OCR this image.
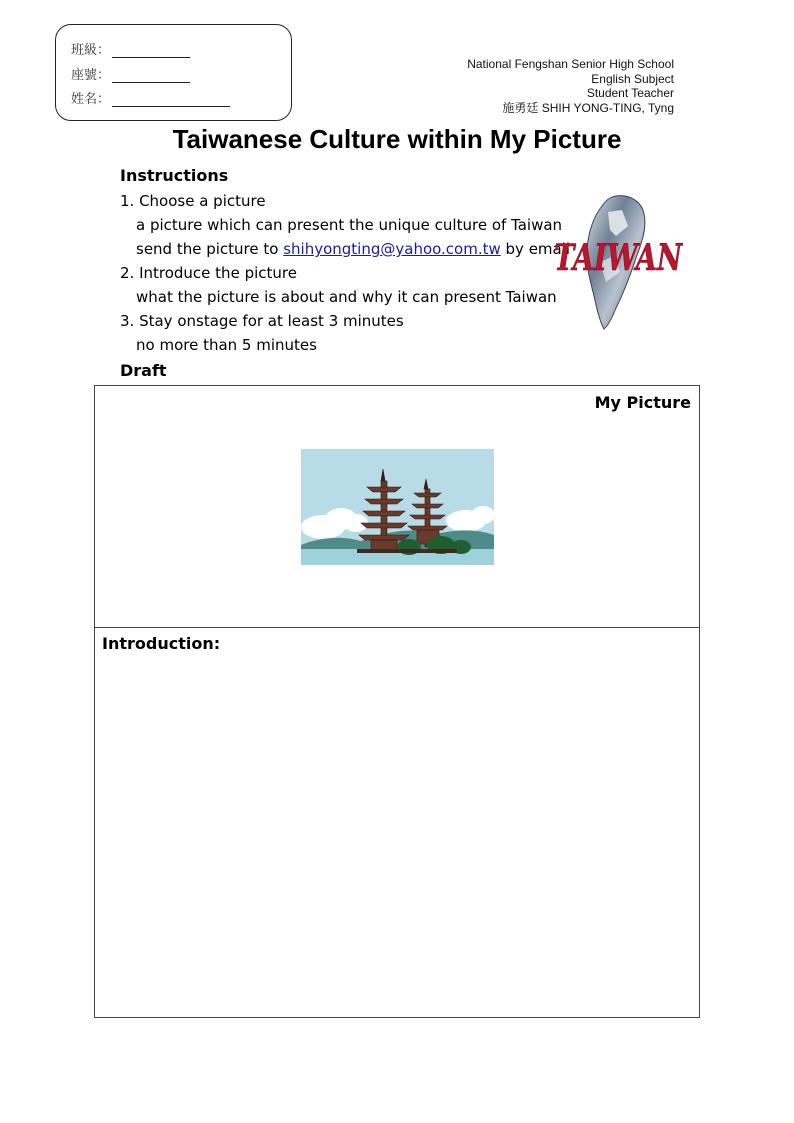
班級：
座號：
姓名：
National Fengshan Senior High School
English Subject
Student Teacher
施勇廷 SHIH YONG-TING, Tyng
Taiwanese Culture within My Picture
Instructions
1. Choose a picture
a picture which can present the unique culture of Taiwan
send the picture to shihyongting@yahoo.com.tw by email
2. Introduce the picture
what the picture is about and why it can present Taiwan
3. Stay onstage for at least 3 minutes
no more than 5 minutes
TAIWAN
Draft
My Picture
Introduction:
